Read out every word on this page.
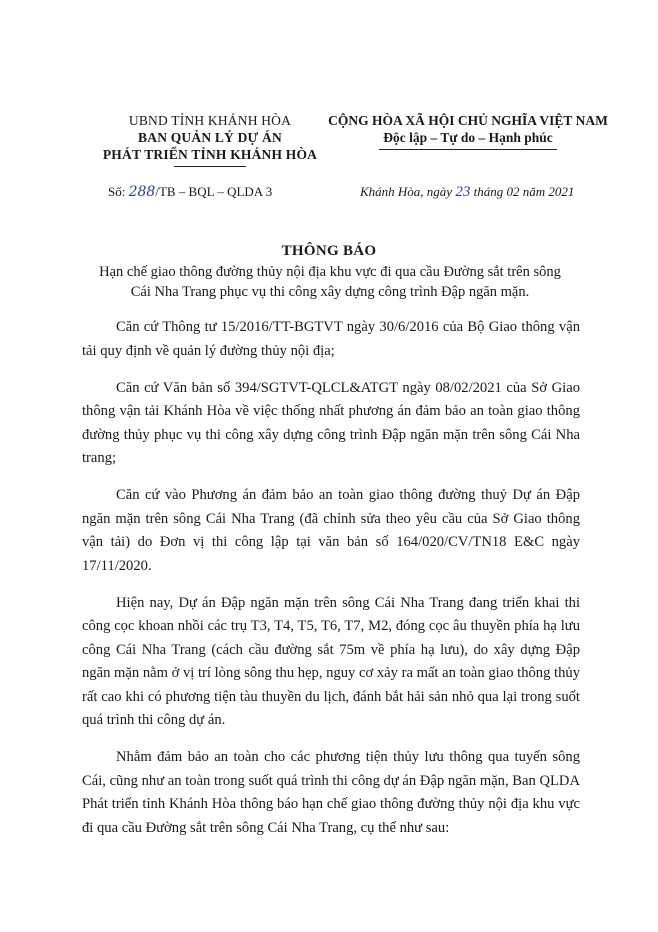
UBND TỈNH KHÁNH HÒA
BAN QUẢN LÝ DỰ ÁN
PHÁT TRIỂN TỈNH KHÁNH HÒA
CỘNG HÒA XÃ HỘI CHỦ NGHĨA VIỆT NAM
Độc lập – Tự do – Hạnh phúc
Số: 288/TB – BQL – QLDA 3	Khánh Hòa, ngày 23 tháng 02 năm 2021
THÔNG BÁO
Hạn chế giao thông đường thủy nội địa khu vực đi qua cầu Đường sắt trên sông Cái Nha Trang phục vụ thi công xây dựng công trình Đập ngăn mặn.

Căn cứ Thông tư 15/2016/TT-BGTVT ngày 30/6/2016 của Bộ Giao thông vận tải quy định về quản lý đường thủy nội địa;

Căn cứ Văn bản số 394/SGTVT-QLCL&ATGT ngày 08/02/2021 của Sở Giao thông vận tải Khánh Hòa về việc thống nhất phương án đảm bảo an toàn giao thông đường thủy phục vụ thi công xây dựng công trình Đập ngăn mặn trên sông Cái Nha trang;

Căn cứ vào Phương án đảm bảo an toàn giao thông đường thuỷ Dự án Đập ngăn mặn trên sông Cái Nha Trang (đã chỉnh sửa theo yêu cầu của Sở Giao thông vận tải) do Đơn vị thi công lập tại văn bản số 164/020/CV/TN18 E&C ngày 17/11/2020.

Hiện nay, Dự án Đập ngăn mặn trên sông Cái Nha Trang đang triển khai thi công cọc khoan nhồi các trụ T3, T4, T5, T6, T7, M2, đóng cọc âu thuyền phía hạ lưu công Cái Nha Trang (cách cầu đường sắt 75m về phía hạ lưu), do xây dựng Đập ngăn mặn nằm ở vị trí lòng sông thu hẹp, nguy cơ xảy ra mất an toàn giao thông thủy rất cao khi có phương tiện tàu thuyền du lịch, đánh bắt hải sản nhỏ qua lại trong suốt quá trình thi công dự án.

Nhằm đảm bảo an toàn cho các phương tiện thủy lưu thông qua tuyến sông Cái, cũng như an toàn trong suốt quá trình thi công dự án Đập ngăn mặn, Ban QLDA Phát triển tỉnh Khánh Hòa thông báo hạn chế giao thông đường thủy nội địa khu vực đi qua cầu Đường sắt trên sông Cái Nha Trang, cụ thể như sau:
